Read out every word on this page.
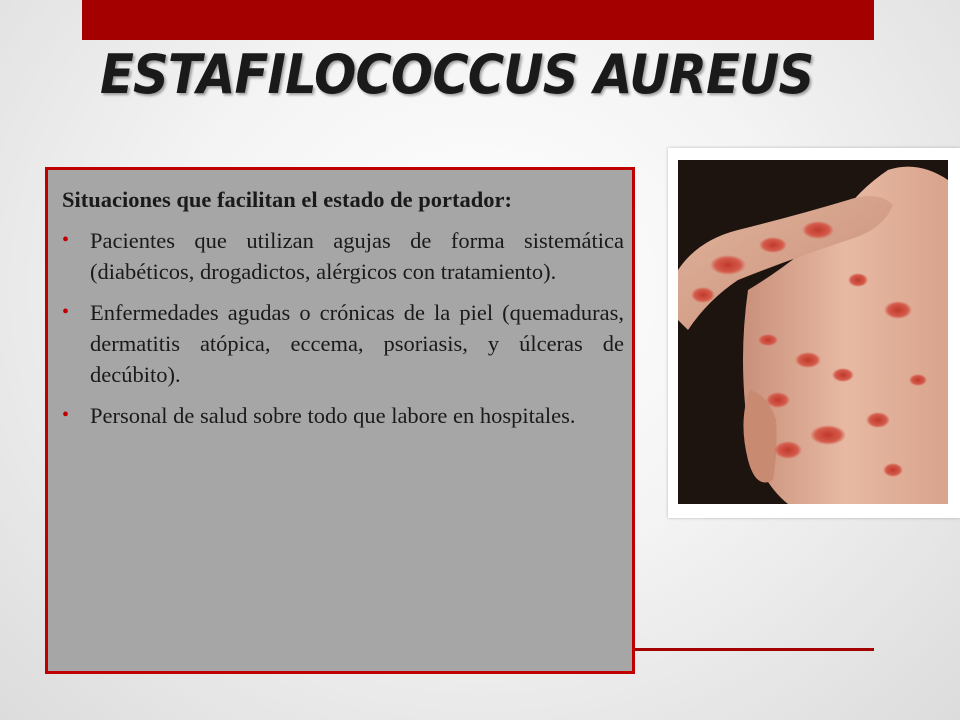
ESTAFILOCOCCUS AUREUS

Situaciones que facilitan el estado de portador:

• Pacientes que utilizan agujas de forma sistemática (diabéticos, drogadictos, alérgicos con tratamiento).
• Enfermedades agudas o crónicas de la piel (quemaduras, dermatitis atópica, eccema, psoriasis, y úlceras de decúbito).
• Personal de salud sobre todo que labore en hospitales.
